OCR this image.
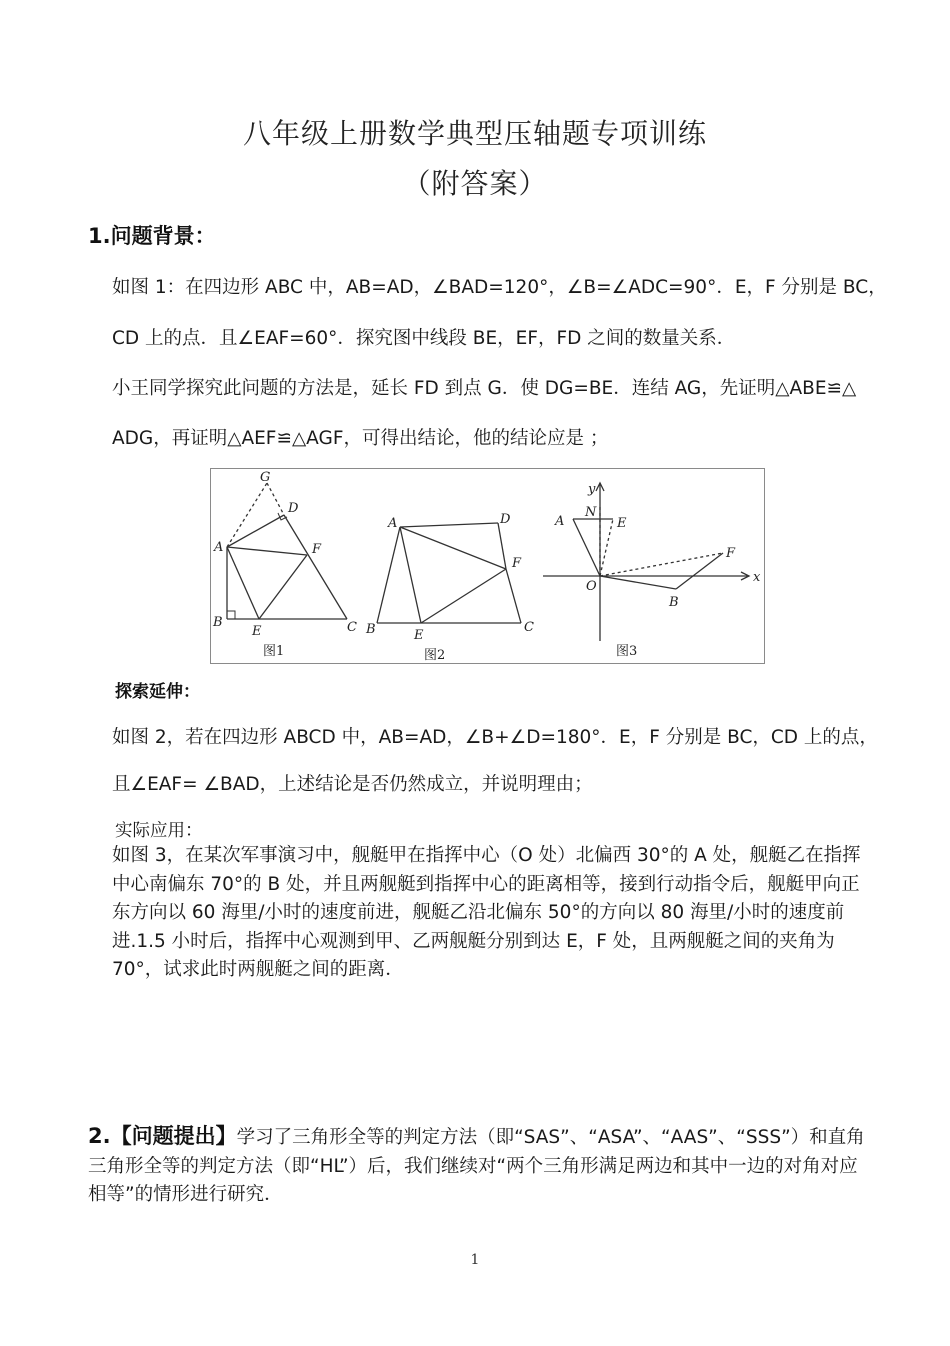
八年级上册数学典型压轴题专项训练
（附答案）
1.问题背景：
如图 1：在四边形 ABC 中，AB=AD，∠BAD=120°，∠B=∠ADC=90°．E，F 分别是 BC，
CD 上的点．且∠EAF=60°．探究图中线段 BE，EF，FD 之间的数量关系．
小王同学探究此问题的方法是，延长 FD 到点 G．使 DG=BE．连结 AG，先证明△ABE≌△
ADG，再证明△AEF≌△AGF，可得出结论，他的结论应是 ；
G
D
A	F
B
E	C
图1
A	D
F
B	E
C
图2
y
N
A	E
F
O
B
x
图3
探索延伸：
如图 2，若在四边形 ABCD 中，AB=AD，∠B+∠D=180°．E，F 分别是 BC，CD 上的点，
且∠EAF= ∠BAD，上述结论是否仍然成立，并说明理由；
实际应用：
如图 3，在某次军事演习中，舰艇甲在指挥中心（O 处）北偏西 30°的 A 处，舰艇乙在指挥中心南偏东 70°的 B 处，并且两舰艇到指挥中心的距离相等，接到行动指令后，舰艇甲向正东方向以 60 海里/小时的速度前进，舰艇乙沿北偏东 50°的方向以 80 海里/小时的速度前进.1.5 小时后，指挥中心观测到甲、乙两舰艇分别到达 E，F 处，且两舰艇之间的夹角为 70°，试求此时两舰艇之间的距离．
2.【问题提出】学习了三角形全等的判定方法（即“SAS”、“ASA”、“AAS”、“SSS”）和直角三角形全等的判定方法（即“HL”）后，我们继续对“两个三角形满足两边和其中一边的对角对应相等”的情形进行研究．
1
